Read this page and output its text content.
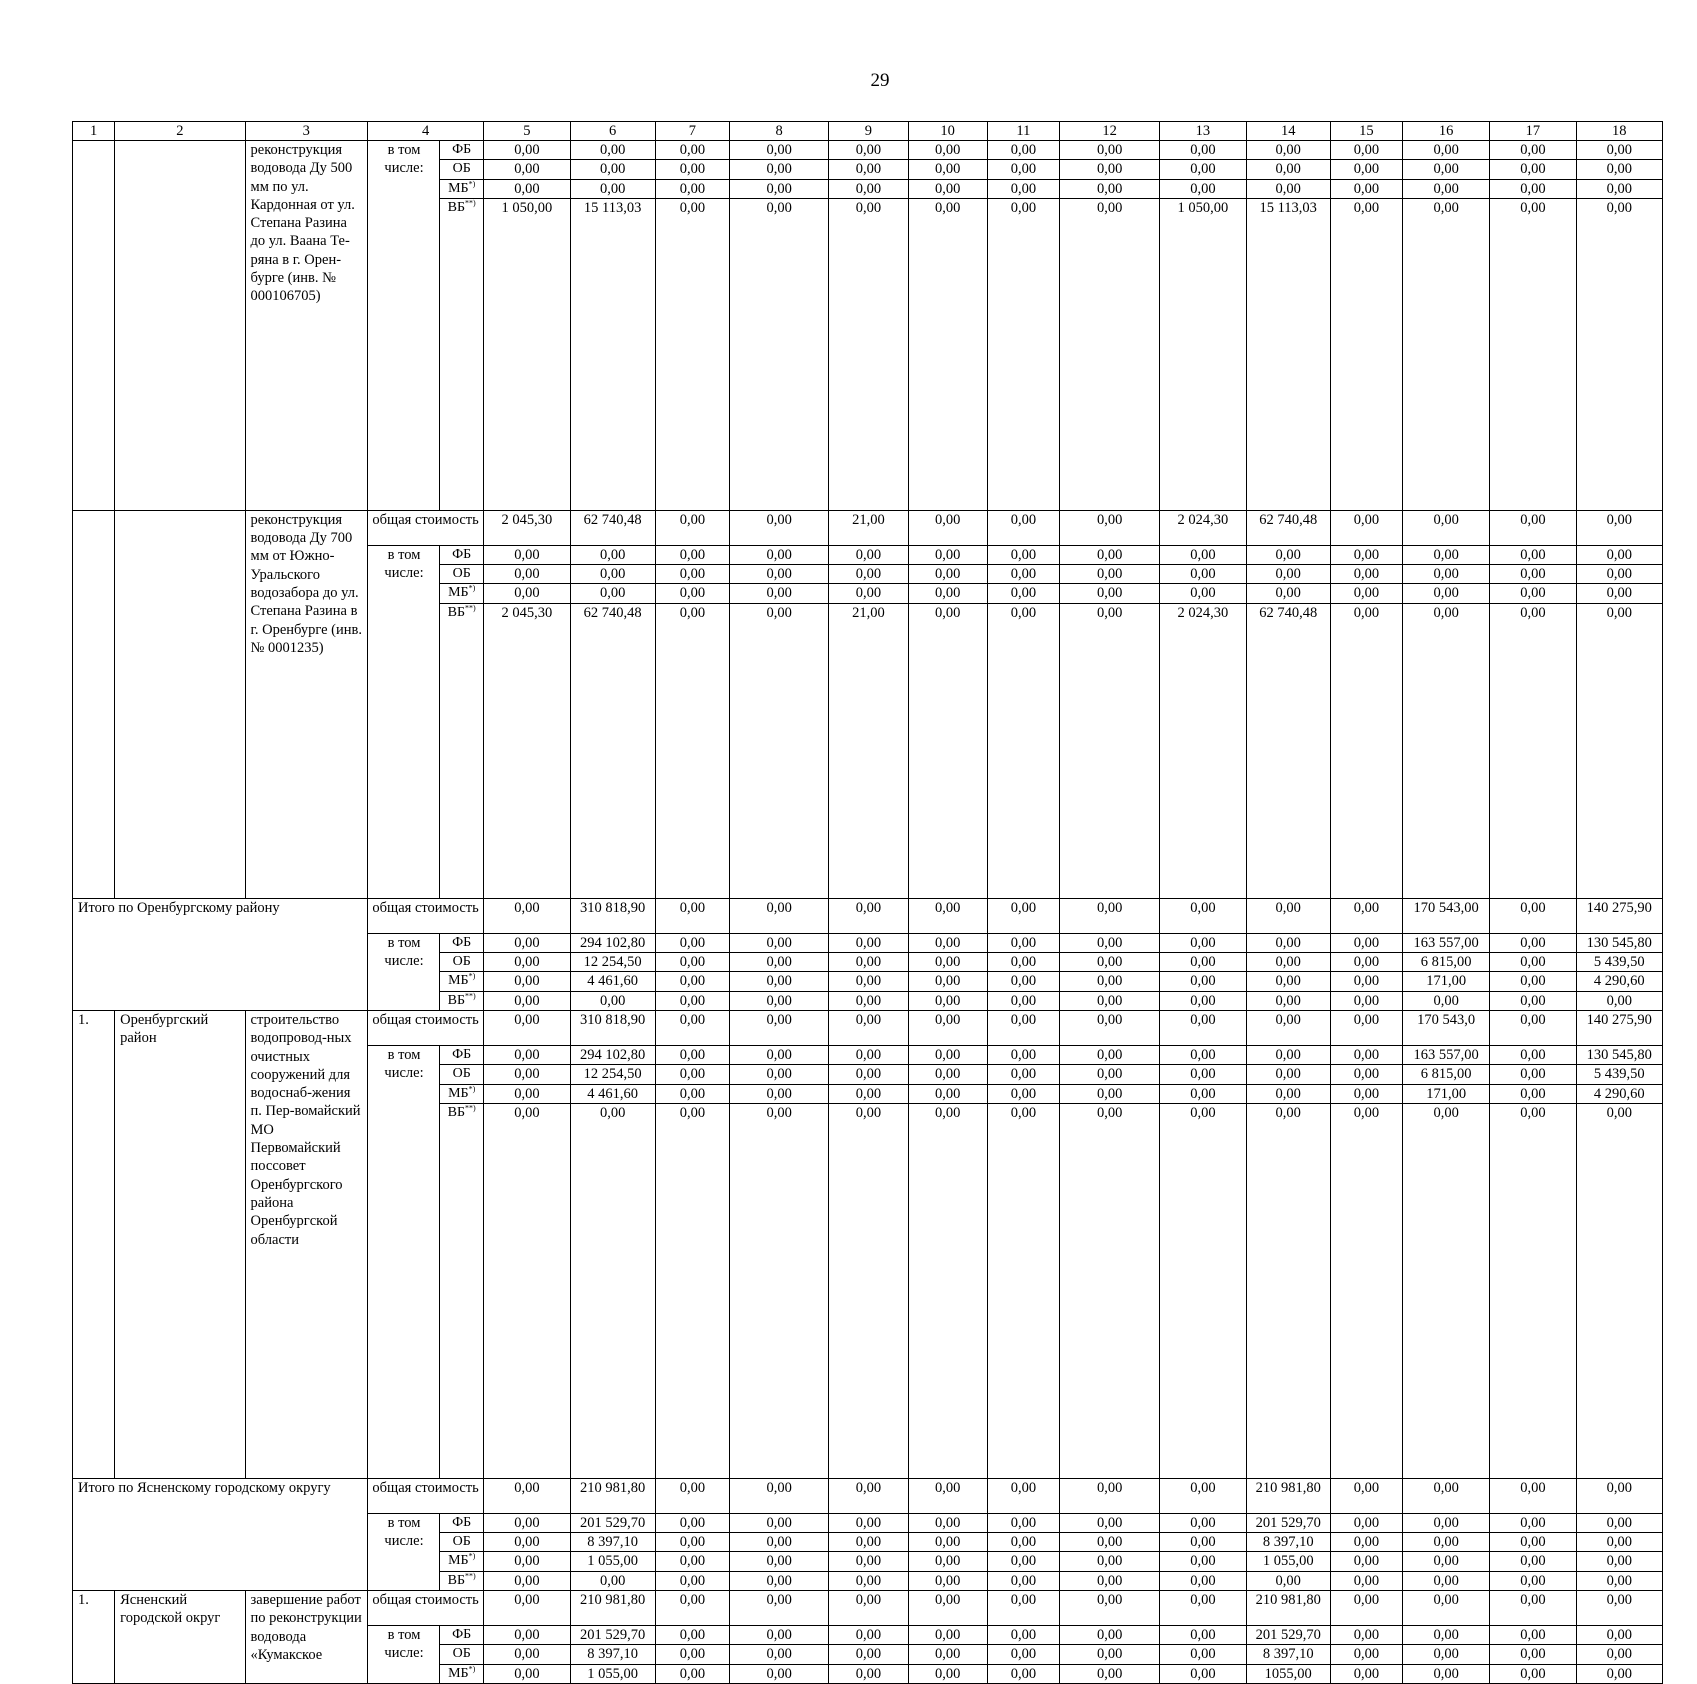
29
1	2	3	4		5	6	7	8	9	10	11	12	13	14	15	16	17	18
		реконструкция водовода Ду 500 мм по ул. Кардонная от ул. Степана Разина до ул. Ваана Те-ряна в г. Орен-бурге (инв. № 000106705)	в том числе:	ФБ	0,00	0,00	0,00	0,00	0,00	0,00	0,00	0,00	0,00	0,00	0,00	0,00	0,00	0,00
				ОБ	0,00	0,00	0,00	0,00	0,00	0,00	0,00	0,00	0,00	0,00	0,00	0,00	0,00	0,00
				МБ*)	0,00	0,00	0,00	0,00	0,00	0,00	0,00	0,00	0,00	0,00	0,00	0,00	0,00	0,00
				ВБ**)	1 050,00	15 113,03	0,00	0,00	0,00	0,00	0,00	0,00	1 050,00	15 113,03	0,00	0,00	0,00	0,00
		реконструкция водовода Ду 700 мм от Южно-Уральского водозабора до ул. Степана Разина в г. Оренбурге (инв. № 0001235)	общая стоимость		2 045,30	62 740,48	0,00	0,00	21,00	0,00	0,00	0,00	2 024,30	62 740,48	0,00	0,00	0,00	0,00
			в том числе:	ФБ	0,00	0,00	0,00	0,00	0,00	0,00	0,00	0,00	0,00	0,00	0,00	0,00	0,00	0,00
				ОБ	0,00	0,00	0,00	0,00	0,00	0,00	0,00	0,00	0,00	0,00	0,00	0,00	0,00	0,00
				МБ*)	0,00	0,00	0,00	0,00	0,00	0,00	0,00	0,00	0,00	0,00	0,00	0,00	0,00	0,00
				ВБ**)	2 045,30	62 740,48	0,00	0,00	21,00	0,00	0,00	0,00	2 024,30	62 740,48	0,00	0,00	0,00	0,00
Итого по Оренбургскому району			общая стоимость		0,00	310 818,90	0,00	0,00	0,00	0,00	0,00	0,00	0,00	0,00	0,00	170 543,00	0,00	140 275,90
			в том числе:	ФБ	0,00	294 102,80	0,00	0,00	0,00	0,00	0,00	0,00	0,00	0,00	0,00	163 557,00	0,00	130 545,80
				ОБ	0,00	12 254,50	0,00	0,00	0,00	0,00	0,00	0,00	0,00	0,00	0,00	6 815,00	0,00	5 439,50
				МБ*)	0,00	4 461,60	0,00	0,00	0,00	0,00	0,00	0,00	0,00	0,00	0,00	171,00	0,00	4 290,60
				ВБ**)	0,00	0,00	0,00	0,00	0,00	0,00	0,00	0,00	0,00	0,00	0,00	0,00	0,00	0,00
1.	Оренбургский район	строительство водопровод-ных очистных сооружений для водоснаб-жения п. Пер-вомайский МО Первомайский поссовет Оренбургского района Оренбургской области	общая стоимость		0,00	310 818,90	0,00	0,00	0,00	0,00	0,00	0,00	0,00	0,00	0,00	170 543,0	0,00	140 275,90
			в том числе:	ФБ	0,00	294 102,80	0,00	0,00	0,00	0,00	0,00	0,00	0,00	0,00	0,00	163 557,00	0,00	130 545,80
				ОБ	0,00	12 254,50	0,00	0,00	0,00	0,00	0,00	0,00	0,00	0,00	0,00	6 815,00	0,00	5 439,50
				МБ*)	0,00	4 461,60	0,00	0,00	0,00	0,00	0,00	0,00	0,00	0,00	0,00	171,00	0,00	4 290,60
				ВБ**)	0,00	0,00	0,00	0,00	0,00	0,00	0,00	0,00	0,00	0,00	0,00	0,00	0,00	0,00
Итого по Ясненскому городскому округу			общая стоимость		0,00	210 981,80	0,00	0,00	0,00	0,00	0,00	0,00	0,00	210 981,80	0,00	0,00	0,00	0,00
			в том числе:	ФБ	0,00	201 529,70	0,00	0,00	0,00	0,00	0,00	0,00	0,00	201 529,70	0,00	0,00	0,00	0,00
				ОБ	0,00	8 397,10	0,00	0,00	0,00	0,00	0,00	0,00	0,00	8 397,10	0,00	0,00	0,00	0,00
				МБ*)	0,00	1 055,00	0,00	0,00	0,00	0,00	0,00	0,00	0,00	1 055,00	0,00	0,00	0,00	0,00
				ВБ**)	0,00	0,00	0,00	0,00	0,00	0,00	0,00	0,00	0,00	0,00	0,00	0,00	0,00	0,00
1.	Ясненский городской округ	завершение работ по реконструкции водовода «Кумакское	общая стоимость		0,00	210 981,80	0,00	0,00	0,00	0,00	0,00	0,00	0,00	210 981,80	0,00	0,00	0,00	0,00
			в том числе:	ФБ	0,00	201 529,70	0,00	0,00	0,00	0,00	0,00	0,00	0,00	201 529,70	0,00	0,00	0,00	0,00
				ОБ	0,00	8 397,10	0,00	0,00	0,00	0,00	0,00	0,00	0,00	8 397,10	0,00	0,00	0,00	0,00
				МБ*)	0,00	1 055,00	0,00	0,00	0,00	0,00	0,00	0,00	0,00	1055,00	0,00	0,00	0,00	0,00
